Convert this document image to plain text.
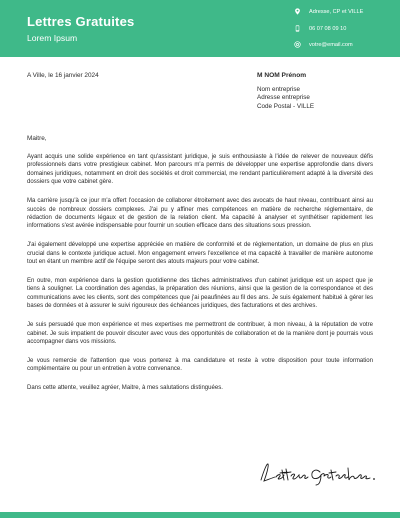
Lettres Gratuites
Lorem Ipsum
Adresse, CP et VILLE
06 07 08 09 10
votre@email.com
A Ville, le 16 janvier 2024	M NOM Prénom
Nom entreprise
Adresse entreprise
Code Postal - VILLE
Maitre,

Ayant acquis une solide expérience en tant qu'assistant juridique, je suis enthousiaste à l'idée de relever de nouveaux défis professionnels dans votre prestigieux cabinet. Mon parcours m'a permis de développer une expertise approfondie dans divers domaines juridiques, notamment en droit des sociétés et droit commercial, me rendant particulièrement adapté à la diversité des dossiers que votre cabinet gère.

Ma carrière jusqu'à ce jour m'a offert l'occasion de collaborer étroitement avec des avocats de haut niveau, contribuant ainsi au succès de nombreux dossiers complexes. J'ai pu y affiner mes compétences en matière de recherche réglementaire, de rédaction de documents légaux et de gestion de la relation client. Ma capacité à analyser et synthétiser rapidement les informations s'est avérée indispensable pour fournir un soutien efficace dans des situations sous pression.

J'ai également développé une expertise appréciée en matière de conformité et de réglementation, un domaine de plus en plus crucial dans le contexte juridique actuel. Mon engagement envers l'excellence et ma capacité à travailler de manière autonome tout en étant un membre actif de l'équipe seront des atouts majeurs pour votre cabinet.

En outre, mon expérience dans la gestion quotidienne des tâches administratives d'un cabinet juridique est un aspect que je tiens à souligner. La coordination des agendas, la préparation des réunions, ainsi que la gestion de la correspondance et des communications avec les clients, sont des compétences que j'ai peaufinées au fil des ans. Je suis également habitué à gérer les bases de données et à assurer le suivi rigoureux des échéances juridiques, des facturations et des archives.

Je suis persuadé que mon expérience et mes expertises me permettront de contribuer, à mon niveau, à la réputation de votre cabinet. Je suis impatient de pouvoir discuter avec vous des opportunités de collaboration et de la manière dont je pourrais vous accompagner dans vos missions.

Je vous remercie de l'attention que vous porterez à ma candidature et reste à votre disposition pour toute information complémentaire ou pour un entretien à votre convenance.

Dans cette attente, veuillez agréer, Maitre, à mes salutations distinguées.
